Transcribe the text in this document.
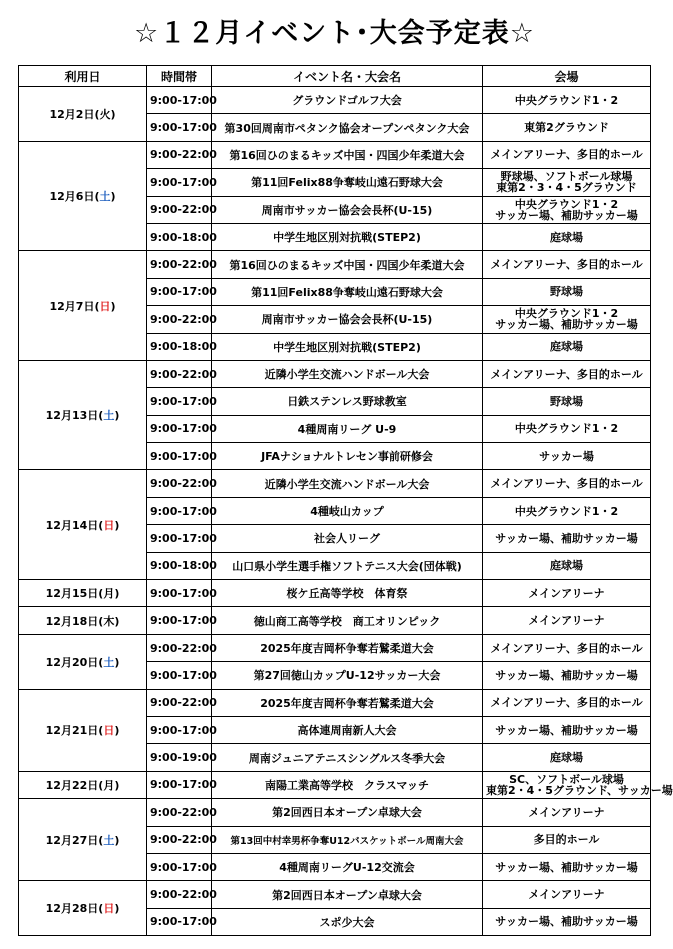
☆１２月イベント･大会予定表☆
利用日	時間帯	イベント名・大会名	会場
12月2日(火)	9:00-17:00	グラウンドゴルフ大会	中央グラウンド1・2

	9:00-17:00	第30回周南市ペタンク協会オープンペタンク大会	東第2グラウンド

12月6日(土)	9:00-22:00	第16回ひのまるキッズ中国・四国少年柔道大会	メインアリーナ、多目的ホール

	9:00-17:00	第11回Felix88争奪岐山遠石野球大会	野球場、ソフトボール球場
東第2・3・4・5グラウンド

	9:00-22:00	周南市サッカー協会会長杯(U-15)	中央グラウンド1・2
サッカー場、補助サッカー場

	9:00-18:00	中学生地区別対抗戦(STEP2)	庭球場

12月7日(日)	9:00-22:00	第16回ひのまるキッズ中国・四国少年柔道大会	メインアリーナ、多目的ホール

	9:00-17:00	第11回Felix88争奪岐山遠石野球大会	野球場

	9:00-22:00	周南市サッカー協会会長杯(U-15)	中央グラウンド1・2
サッカー場、補助サッカー場

	9:00-18:00	中学生地区別対抗戦(STEP2)	庭球場

12月13日(土)	9:00-22:00	近隣小学生交流ハンドボール大会	メインアリーナ、多目的ホール

	9:00-17:00	日鉄ステンレス野球教室	野球場

	9:00-17:00	4種周南リーグ U-9	中央グラウンド1・2

	9:00-17:00	JFAナショナルトレセン事前研修会	サッカー場

12月14日(日)	9:00-22:00	近隣小学生交流ハンドボール大会	メインアリーナ、多目的ホール

	9:00-17:00	4種岐山カップ	中央グラウンド1・2

	9:00-17:00	社会人リーグ	サッカー場、補助サッカー場

	9:00-18:00	山口県小学生選手権ソフトテニス大会(団体戦)	庭球場

12月15日(月)	9:00-17:00	桜ケ丘高等学校　体育祭	メインアリーナ

12月18日(木)	9:00-17:00	徳山商工高等学校　商工オリンピック	メインアリーナ

12月20日(土)	9:00-22:00	2025年度吉岡杯争奪若鷲柔道大会	メインアリーナ、多目的ホール

	9:00-17:00	第27回徳山カップU-12サッカー大会	サッカー場、補助サッカー場

12月21日(日)	9:00-22:00	2025年度吉岡杯争奪若鷲柔道大会	メインアリーナ、多目的ホール

	9:00-17:00	高体連周南新人大会	サッカー場、補助サッカー場

	9:00-19:00	周南ジュニアテニスシングルス冬季大会	庭球場

12月22日(月)	9:00-17:00	南陽工業高等学校　クラスマッチ	SC、ソフトボール球場
東第2・4・5グラウンド、サッカー場

12月27日(土)	9:00-22:00	第2回西日本オープン卓球大会	メインアリーナ

	9:00-22:00	第13回中村幸男杯争奪U12バスケットボール周南大会	多目的ホール

	9:00-17:00	4種周南リーグU-12交流会	サッカー場、補助サッカー場

12月28日(日)	9:00-22:00	第2回西日本オープン卓球大会	メインアリーナ

	9:00-17:00	スポ少大会	サッカー場、補助サッカー場
